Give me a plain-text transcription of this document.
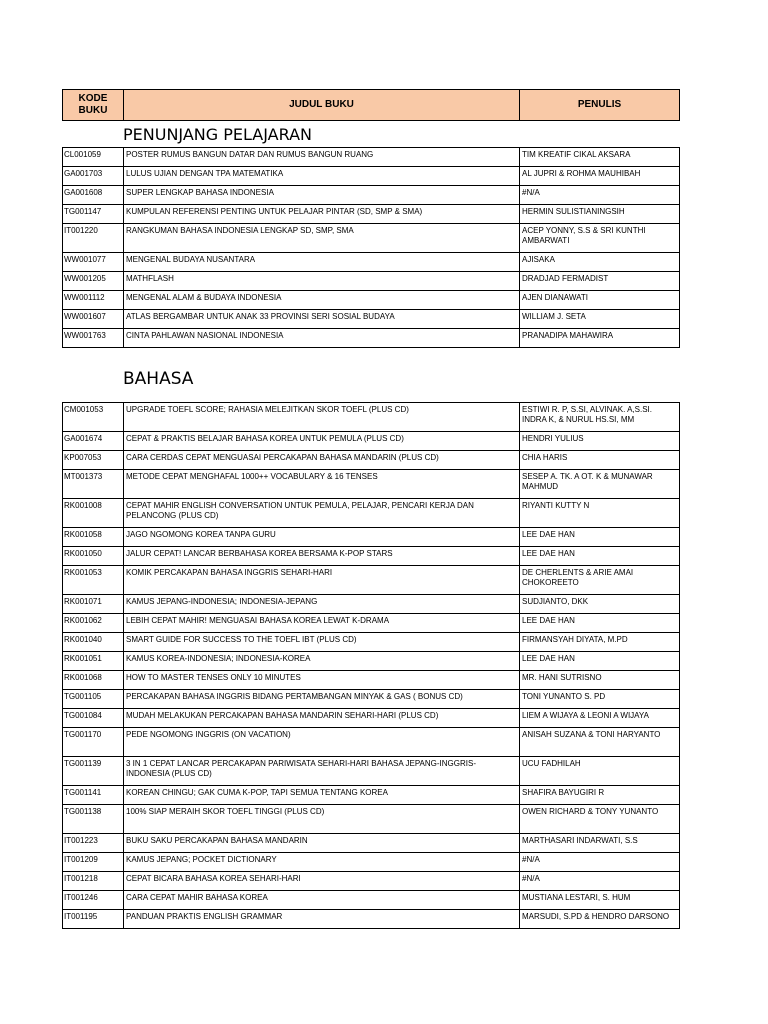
KODE BUKU	JUDUL BUKU	PENULIS
PENUNJANG PELAJARAN
CL001059	POSTER RUMUS BANGUN DATAR DAN RUMUS BANGUN RUANG	TIM KREATIF CIKAL AKSARA
GA001703	LULUS UJIAN DENGAN TPA MATEMATIKA	AL JUPRI & ROHMA MAUHIBAH
GA001608	SUPER LENGKAP BAHASA INDONESIA	#N/A
TG001147	KUMPULAN REFERENSI PENTING UNTUK PELAJAR PINTAR (SD, SMP & SMA)	HERMIN SULISTIANINGSIH
IT001220	RANGKUMAN BAHASA INDONESIA LENGKAP SD, SMP, SMA	ACEP YONNY, S.S & SRI KUNTHI AMBARWATI
WW001077	MENGENAL BUDAYA NUSANTARA	AJISAKA
WW001205	MATHFLASH	DRADJAD FERMADIST
WW001112	MENGENAL ALAM & BUDAYA INDONESIA	AJEN DIANAWATI
WW001607	ATLAS BERGAMBAR UNTUK ANAK 33 PROVINSI SERI SOSIAL BUDAYA	WILLIAM J. SETA
WW001763	CINTA PAHLAWAN NASIONAL INDONESIA	PRANADIPA MAHAWIRA
BAHASA
CM001053	UPGRADE TOEFL SCORE; RAHASIA MELEJITKAN SKOR TOEFL (PLUS CD)	ESTIWI R. P, S.SI, ALVINAK. A,S.SI. INDRA K, & NURUL HS.SI, MM
GA001674	CEPAT & PRAKTIS BELAJAR BAHASA KOREA UNTUK PEMULA (PLUS CD)	HENDRI YULIUS
KP007053	CARA CERDAS CEPAT MENGUASAI PERCAKAPAN BAHASA MANDARIN (PLUS CD)	CHIA HARIS
MT001373	METODE CEPAT MENGHAFAL 1000++ VOCABULARY & 16 TENSES	SESEP A. TK. A OT. K & MUNAWAR MAHMUD
RK001008	CEPAT MAHIR ENGLISH CONVERSATION UNTUK PEMULA, PELAJAR, PENCARI KERJA DAN PELANCONG (PLUS CD)	RIYANTI KUTTY N
RK001058	JAGO NGOMONG KOREA TANPA GURU	LEE DAE HAN
RK001050	JALUR CEPAT! LANCAR BERBAHASA KOREA BERSAMA K-POP STARS	LEE DAE HAN
RK001053	KOMIK PERCAKAPAN BAHASA INGGRIS SEHARI-HARI	DE CHERLENTS & ARIE AMAI CHOKOREETO
RK001071	KAMUS JEPANG-INDONESIA; INDONESIA-JEPANG	SUDJIANTO, DKK
RK001062	LEBIH CEPAT MAHIR! MENGUASAI BAHASA KOREA LEWAT K-DRAMA	LEE DAE HAN
RK001040	SMART GUIDE FOR SUCCESS TO THE TOEFL IBT (PLUS CD)	FIRMANSYAH DIYATA, M.PD
RK001051	KAMUS KOREA-INDONESIA; INDONESIA-KOREA	LEE DAE HAN
RK001068	HOW TO MASTER TENSES ONLY 10 MINUTES	MR. HANI SUTRISNO
TG001105	PERCAKAPAN BAHASA INGGRIS BIDANG PERTAMBANGAN MINYAK & GAS ( BONUS CD)	TONI YUNANTO S. PD
TG001084	MUDAH MELAKUKAN PERCAKAPAN BAHASA MANDARIN SEHARI-HARI (PLUS CD)	LIEM A WIJAYA & LEONI A WIJAYA
TG001170	PEDE NGOMONG INGGRIS (ON VACATION)	ANISAH SUZANA & TONI HARYANTO
TG001139	3 IN 1 CEPAT LANCAR PERCAKAPAN PARIWISATA SEHARI-HARI BAHASA JEPANG-INGGRIS-INDONESIA (PLUS CD)	UCU FADHILAH
TG001141	KOREAN CHINGU; GAK CUMA K-POP, TAPI SEMUA TENTANG KOREA	SHAFIRA BAYUGIRI R
TG001138	100% SIAP MERAIH SKOR TOEFL TINGGI (PLUS CD)	OWEN RICHARD & TONY YUNANTO
IT001223	BUKU SAKU PERCAKAPAN BAHASA MANDARIN	MARTHASARI INDARWATI, S.S
IT001209	KAMUS JEPANG; POCKET DICTIONARY	#N/A
IT001218	CEPAT BICARA BAHASA KOREA SEHARI-HARI	#N/A
IT001246	CARA CEPAT MAHIR BAHASA KOREA	MUSTIANA LESTARI, S. HUM
IT001195	PANDUAN PRAKTIS ENGLISH GRAMMAR	MARSUDI, S.PD & HENDRO DARSONO
